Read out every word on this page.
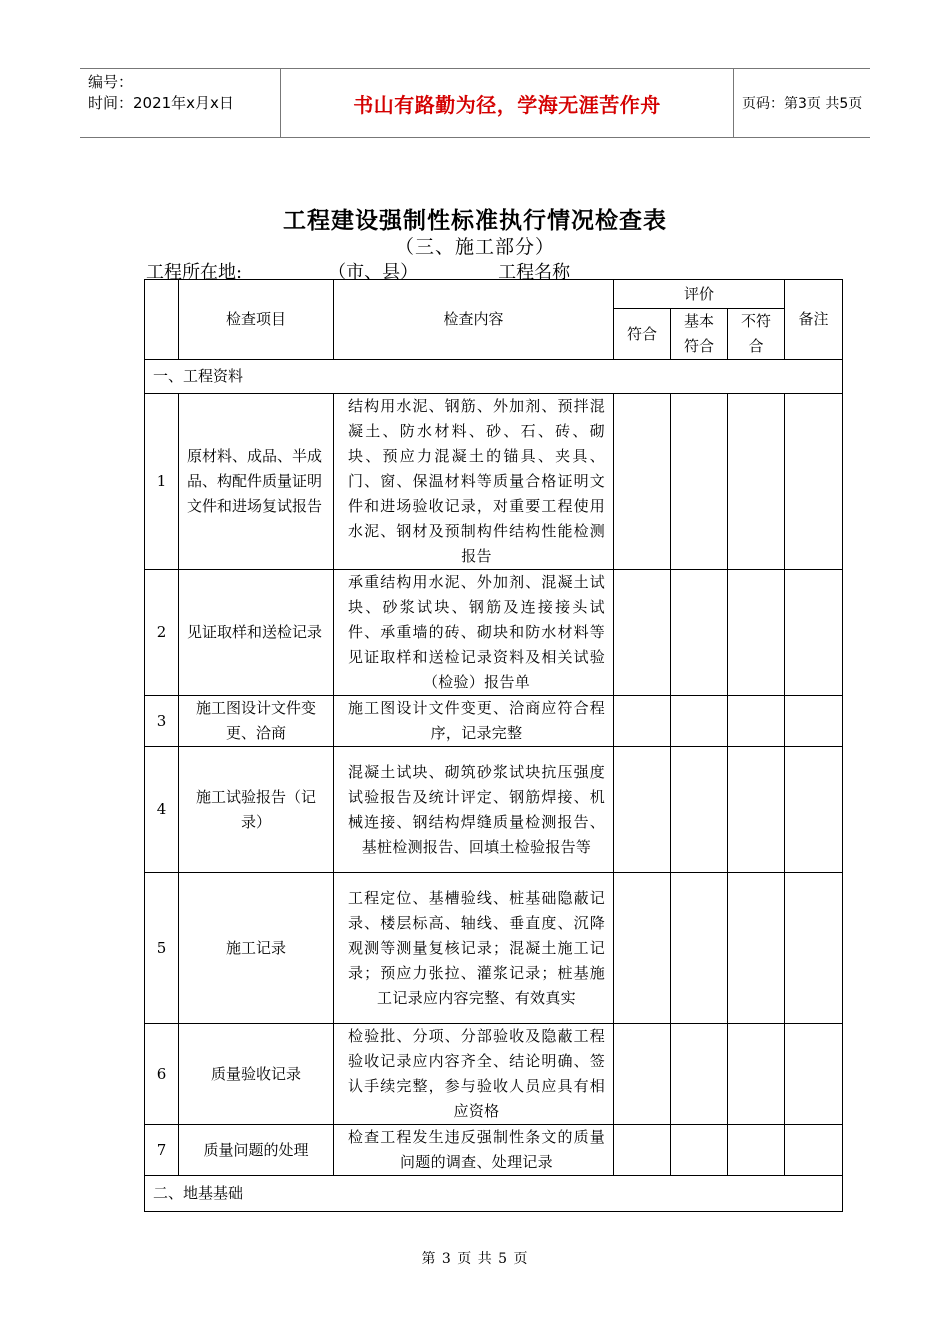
编号：
时间：2021年x月x日	书山有路勤为径，学海无涯苦作舟	页码：第3页 共5页
工程建设强制性标准执行情况检查表
（三、施工部分）
工程所在地:	（市、县）	工程名称
	检查项目	检查内容	评价			备注
			符合	基本符合	不符合	
一、工程资料						
1	原材料、成品、半成品、构配件质量证明文件和进场复试报告	结构用水泥、钢筋、外加剂、预拌混凝土、防水材料、砂、石、砖、砌块、预应力混凝土的锚具、夹具、门、窗、保温材料等质量合格证明文件和进场验收记录，对重要工程使用水泥、钢材及预制构件结构性能检测报告				
2	见证取样和送检记录	承重结构用水泥、外加剂、混凝土试块、砂浆试块、钢筋及连接接头试件、承重墙的砖、砌块和防水材料等见证取样和送检记录资料及相关试验（检验）报告单				
3	施工图设计文件变更、洽商	施工图设计文件变更、洽商应符合程序，记录完整				
4	施工试验报告（记录）	混凝土试块、砌筑砂浆试块抗压强度试验报告及统计评定、钢筋焊接、机械连接、钢结构焊缝质量检测报告、基桩检测报告、回填土检验报告等				
5	施工记录	工程定位、基槽验线、桩基础隐蔽记录、楼层标高、轴线、垂直度、沉降观测等测量复核记录；混凝土施工记录；预应力张拉、灌浆记录；桩基施工记录应内容完整、有效真实				
6	质量验收记录	检验批、分项、分部验收及隐蔽工程验收记录应内容齐全、结论明确、签认手续完整，参与验收人员应具有相应资格				
7	质量问题的处理	检查工程发生违反强制性条文的质量问题的调查、处理记录				
二、地基基础						
第 3 页 共 5 页
